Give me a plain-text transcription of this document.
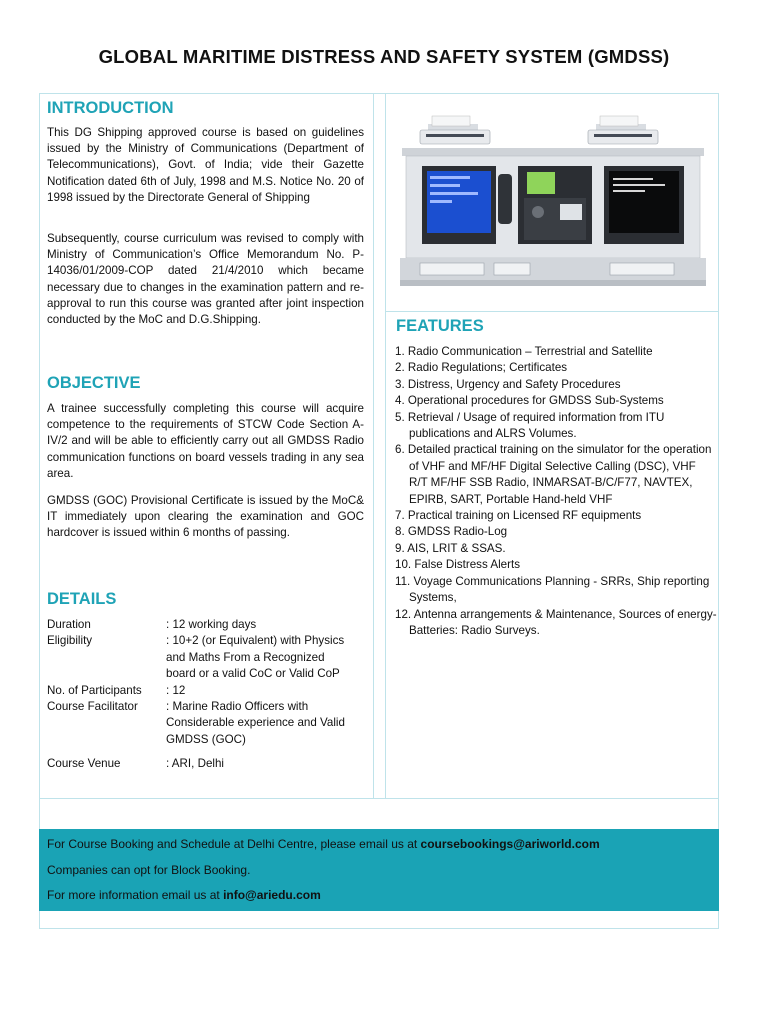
GLOBAL MARITIME DISTRESS AND SAFETY SYSTEM (GMDSS)
INTRODUCTION
This DG Shipping approved course is based on guidelines issued by the Ministry of Communications (Department of Telecommunications), Govt. of India; vide their Gazette Notification dated 6th of July, 1998 and M.S. Notice No. 20 of 1998 issued by the Directorate General of Shipping
Subsequently, course curriculum was revised to comply with Ministry of Communication’s Office Memorandum No. P-14036/01/2009-COP dated 21/4/2010 which became necessary due to changes in the examination pattern and re-approval to run this course was granted after joint inspection conducted by the MoC and D.G.Shipping.
OBJECTIVE
A trainee successfully completing this course will acquire competence to the requirements of STCW Code Section A-IV/2 and will be able to efficiently carry out all GMDSS Radio communication functions on board vessels trading in any sea area.
GMDSS (GOC) Provisional Certificate is issued by the MoC& IT immediately upon clearing the examination and GOC hardcover is issued within 6 months of passing.
DETAILS
Duration	: 12 working days
Eligibility	: 10+2 (or Equivalent) with Physics and Maths From a Recognized board or a valid CoC or Valid CoP
No. of Participants	: 12
Course Facilitator	: Marine Radio Officers with Considerable experience and Valid GMDSS (GOC)
Course Venue	: ARI, Delhi
FEATURES
1. Radio Communication – Terrestrial and Satellite
2. Radio Regulations; Certificates
3. Distress, Urgency and Safety Procedures
4. Operational procedures for GMDSS Sub-Systems
5. Retrieval / Usage of required information from ITU publications and ALRS Volumes.
6. Detailed practical training on the simulator for the operation of VHF and MF/HF Digital Selective Calling (DSC), VHF R/T MF/HF SSB Radio, INMARSAT-B/C/F77, NAVTEX, EPIRB, SART, Portable Hand-held VHF
7. Practical training on Licensed RF equipments
8. GMDSS Radio-Log
9. AIS, LRIT & SSAS.
10. False Distress Alerts
11. Voyage Communications Planning - SRRs, Ship reporting Systems,
12. Antenna arrangements & Maintenance, Sources of energy- Batteries: Radio Surveys.

For Course Booking and Schedule at Delhi Centre, please email us at coursebookings@ariworld.com

Companies can opt for Block Booking.

For more information email us at info@ariedu.com
